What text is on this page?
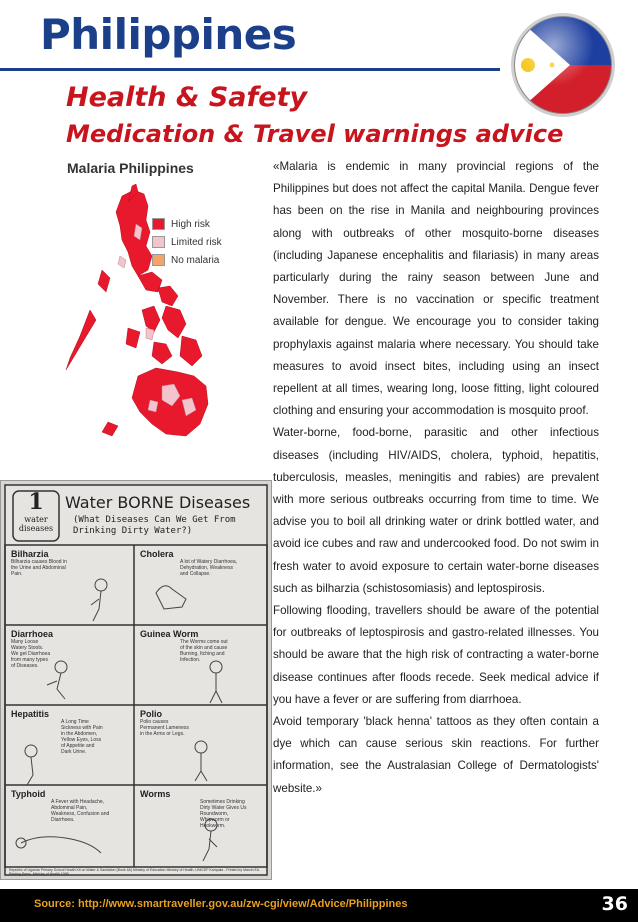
Philippines
Health & Safety
Medication & Travel warnings advice
Malaria Philippines
High risk
Limited risk
No malaria

«Malaria is endemic in many provincial regions of the Philippines but does not affect the capital Manila. Dengue fever has been on the rise in Manila and neighbouring provinces along with outbreaks of other mosquito-borne diseases (including Japanese encephalitis and filariasis) in many areas particularly during the rainy season between June and November. There is no vaccination or specific treatment available for dengue. We encourage you to consider taking prophylaxis against malaria where necessary. You should take measures to avoid insect bites, including using an insect repellent at all times, wearing long, loose fitting, light coloured clothing and ensuring your accommodation is mosquito proof.

Water-borne, food-borne, parasitic and other infectious diseases (including HIV/AIDS, cholera, typhoid, hepatitis, tuberculosis, measles, meningitis and rabies) are prevalent with more serious outbreaks occurring from time to time. We advise you to boil all drinking water or drink bottled water, and avoid ice cubes and raw and undercooked food. Do not swim in fresh water to avoid exposure to certain water-borne diseases such as bilharzia (schistosomiasis) and leptospirosis.

Following flooding, travellers should be aware of the potential for outbreaks of leptospirosis and gastro-related illnesses. You should be aware that the high risk of contracting a water-borne disease continues after floods recede. Seek medical advice if you have a fever or are suffering from diarrhoea.

Avoid temporary 'black henna' tattoos as they often contain a dye which can cause serious skin reactions. For further information, see the Australasian College of Dermatologists' website.»

1
water diseases
Water BORNE Diseases
(What Diseases Can We Get From Drinking Dirty Water?)
Bilharzia
Bilharzia causes Blood in the Urine and Abdominal Pain.
Cholera
A lot of Watery Diarrhoea, Dehydration, Weakness and Collapse.
Diarrhoea
Many Loose Watery Stools. We get Diarrhoea from many types of Diseases.
Guinea Worm
The Worms come out of the skin and cause Burning, Itching and Infection.
Hepatitis
A Long Time Sickness with Pain in the Abdomen, Yellow Eyes, Loss of Appetite and Dark Urine.
Polio
Polio causes Permanent Lameness in the Arms or Legs.
Typhoid
A Fever with Headache, Abdominal Pain, Weakness, Confusion and Diarrhoea.
Worms
Sometimes Drinking Dirty Water Gives Us Roundworm, Whipworm or Hookworm.
Republic of Uganda Primary School Health Kit on Water & Sanitation (Book 4A) Ministry of Education Ministry of Health, UNICEF Kampala - Printed by Marvin EA Printing Press, Ministry of Health 1998
Source: http://www.smartraveller.gov.au/zw-cgi/view/Advice/Philippines	36
